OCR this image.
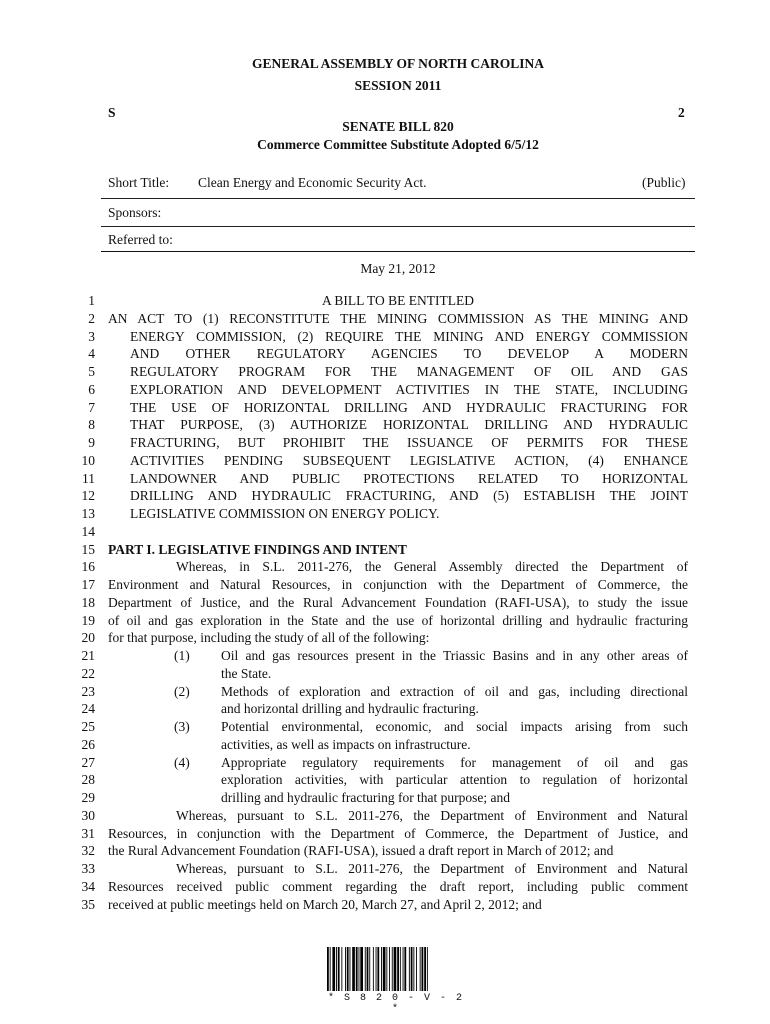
GENERAL ASSEMBLY OF NORTH CAROLINA
SESSION 2011
S	2
SENATE BILL 820
Commerce Committee Substitute Adopted 6/5/12
Short Title: Clean Energy and Economic Security Act.	(Public)
Sponsors:
Referred to:
May 21, 2012
1	A BILL TO BE ENTITLED
2 AN ACT TO (1) RECONSTITUTE THE MINING COMMISSION AS THE MINING AND
3	ENERGY COMMISSION, (2) REQUIRE THE MINING AND ENERGY COMMISSION
4	AND OTHER REGULATORY AGENCIES TO DEVELOP A MODERN
5	REGULATORY PROGRAM FOR THE MANAGEMENT OF OIL AND GAS
6	EXPLORATION AND DEVELOPMENT ACTIVITIES IN THE STATE, INCLUDING
7	THE USE OF HORIZONTAL DRILLING AND HYDRAULIC FRACTURING FOR
8	THAT PURPOSE, (3) AUTHORIZE HORIZONTAL DRILLING AND HYDRAULIC
9	FRACTURING, BUT PROHIBIT THE ISSUANCE OF PERMITS FOR THESE
10	ACTIVITIES PENDING SUBSEQUENT LEGISLATIVE ACTION, (4) ENHANCE
11	LANDOWNER AND PUBLIC PROTECTIONS RELATED TO HORIZONTAL
12	DRILLING AND HYDRAULIC FRACTURING, AND (5) ESTABLISH THE JOINT
13	LEGISLATIVE COMMISSION ON ENERGY POLICY.
14
15 PART I. LEGISLATIVE FINDINGS AND INTENT
16	Whereas, in S.L. 2011-276, the General Assembly directed the Department of
17 Environment and Natural Resources, in conjunction with the Department of Commerce, the
18 Department of Justice, and the Rural Advancement Foundation (RAFI-USA), to study the issue
19 of oil and gas exploration in the State and the use of horizontal drilling and hydraulic fracturing
20 for that purpose, including the study of all of the following:
21	(1) Oil and gas resources present in the Triassic Basins and in any other areas of
22	the State.
23	(2) Methods of exploration and extraction of oil and gas, including directional
24	and horizontal drilling and hydraulic fracturing.
25	(3) Potential environmental, economic, and social impacts arising from such
26	activities, as well as impacts on infrastructure.
27	(4) Appropriate regulatory requirements for management of oil and gas
28	exploration activities, with particular attention to regulation of horizontal
29	drilling and hydraulic fracturing for that purpose; and
30	Whereas, pursuant to S.L. 2011-276, the Department of Environment and Natural
31 Resources, in conjunction with the Department of Commerce, the Department of Justice, and
32 the Rural Advancement Foundation (RAFI-USA), issued a draft report in March of 2012; and
33	Whereas, pursuant to S.L. 2011-276, the Department of Environment and Natural
34 Resources received public comment regarding the draft report, including public comment
35 received at public meetings held on March 20, March 27, and April 2, 2012; and
* S 8 2 0 - V - 2 *
